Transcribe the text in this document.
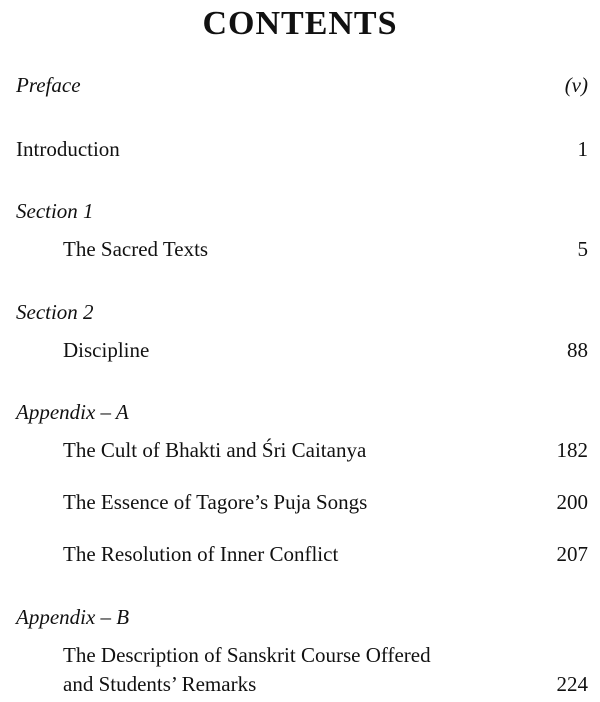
CONTENTS
Preface	(v)
Introduction	1
Section 1
The Sacred Texts	5
Section 2
Discipline	88
Appendix – A
The Cult of Bhakti and Śri Caitanya	182
The Essence of Tagore’s Puja Songs	200
The Resolution of Inner Conflict	207
Appendix – B
The Description of Sanskrit Course Offered
and Students’ Remarks	224
